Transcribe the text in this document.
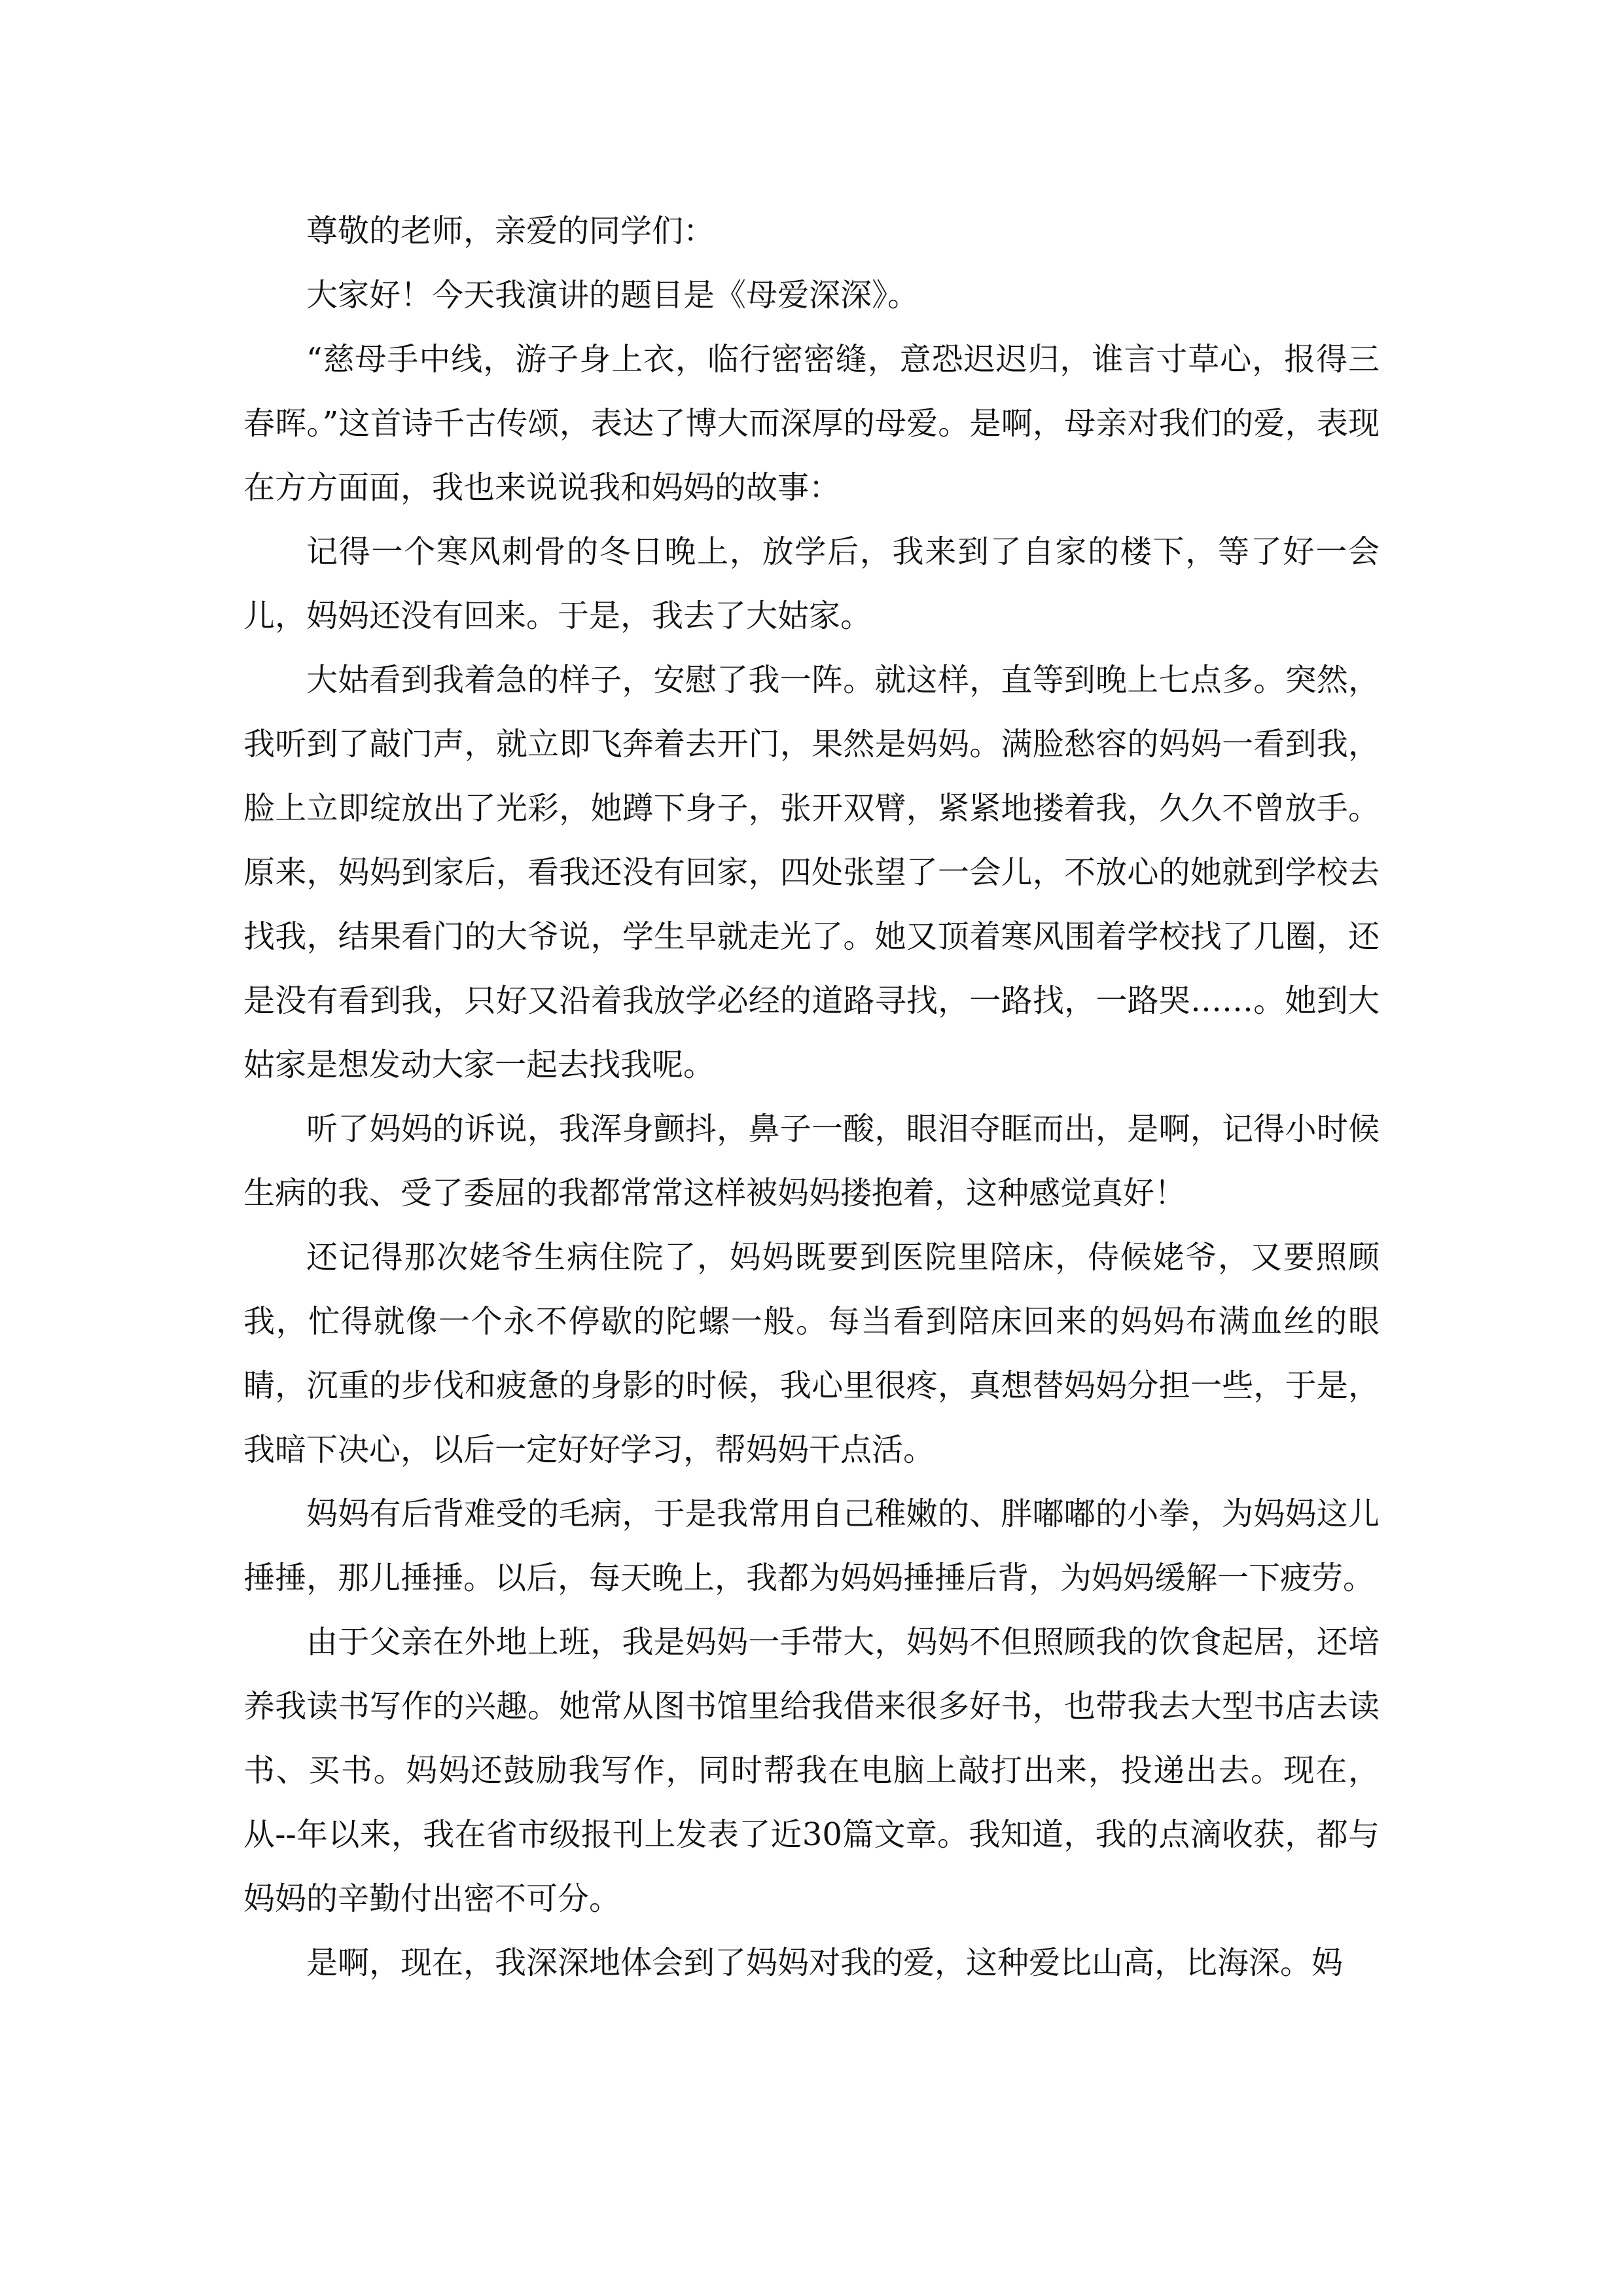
尊敬的老师，亲爱的同学们：

大家好！今天我演讲的题目是《母爱深深》。

“慈母手中线，游子身上衣，临行密密缝，意恐迟迟归，谁言寸草心，报得三春晖。”这首诗千古传颂，表达了博大而深厚的母爱。是啊，母亲对我们的爱，表现在方方面面，我也来说说我和妈妈的故事：

记得一个寒风刺骨的冬日晚上，放学后，我来到了自家的楼下，等了好一会儿，妈妈还没有回来。于是，我去了大姑家。

大姑看到我着急的样子，安慰了我一阵。就这样，直等到晚上七点多。突然，我听到了敲门声，就立即飞奔着去开门，果然是妈妈。满脸愁容的妈妈一看到我，脸上立即绽放出了光彩，她蹲下身子，张开双臂，紧紧地搂着我，久久不曾放手。原来，妈妈到家后，看我还没有回家，四处张望了一会儿，不放心的她就到学校去找我，结果看门的大爷说，学生早就走光了。她又顶着寒风围着学校找了几圈，还是没有看到我，只好又沿着我放学必经的道路寻找，一路找，一路哭……。她到大姑家是想发动大家一起去找我呢。

听了妈妈的诉说，我浑身颤抖，鼻子一酸，眼泪夺眶而出，是啊，记得小时候生病的我、受了委屈的我都常常这样被妈妈搂抱着，这种感觉真好！

还记得那次姥爷生病住院了，妈妈既要到医院里陪床，侍候姥爷，又要照顾我，忙得就像一个永不停歇的陀螺一般。每当看到陪床回来的妈妈布满血丝的眼睛，沉重的步伐和疲惫的身影的时候，我心里很疼，真想替妈妈分担一些，于是，我暗下决心，以后一定好好学习，帮妈妈干点活。

妈妈有后背难受的毛病，于是我常用自己稚嫩的、胖嘟嘟的小拳，为妈妈这儿捶捶，那儿捶捶。以后，每天晚上，我都为妈妈捶捶后背，为妈妈缓解一下疲劳。

由于父亲在外地上班，我是妈妈一手带大，妈妈不但照顾我的饮食起居，还培养我读书写作的兴趣。她常从图书馆里给我借来很多好书，也带我去大型书店去读书、买书。妈妈还鼓励我写作，同时帮我在电脑上敲打出来，投递出去。现在，从--年以来，我在省市级报刊上发表了近30篇文章。我知道，我的点滴收获，都与妈妈的辛勤付出密不可分。

是啊，现在，我深深地体会到了妈妈对我的爱，这种爱比山高，比海深。妈
